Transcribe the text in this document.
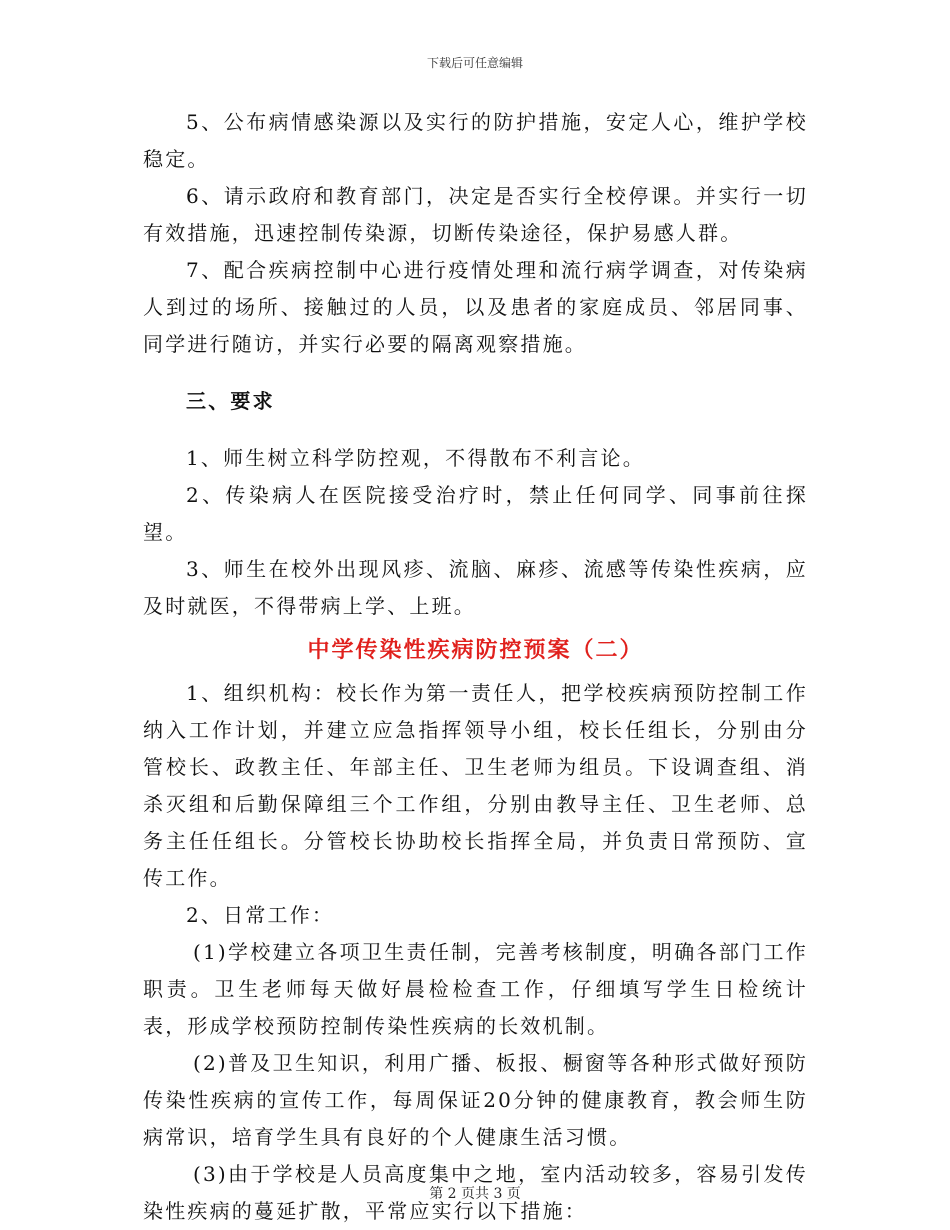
下载后可任意编辑

5、公布病情感染源以及实行的防护措施，安定人心，维护学校稳定。

6、请示政府和教育部门，决定是否实行全校停课。并实行一切有效措施，迅速控制传染源，切断传染途径，保护易感人群。

7、配合疾病控制中心进行疫情处理和流行病学调查，对传染病人到过的场所、接触过的人员，以及患者的家庭成员、邻居同事、同学进行随访，并实行必要的隔离观察措施。

三、要求

1、师生树立科学防控观，不得散布不利言论。

2、传染病人在医院接受治疗时，禁止任何同学、同事前往探望。

3、师生在校外出现风疹、流脑、麻疹、流感等传染性疾病，应及时就医，不得带病上学、上班。

中学传染性疾病防控预案（二）

1、组织机构：校长作为第一责任人，把学校疾病预防控制工作纳入工作计划，并建立应急指挥领导小组，校长任组长，分别由分管校长、政教主任、年部主任、卫生老师为组员。下设调查组、消杀灭组和后勤保障组三个工作组，分别由教导主任、卫生老师、总务主任任组长。分管校长协助校长指挥全局，并负责日常预防、宣传工作。

2、日常工作：

(1)学校建立各项卫生责任制，完善考核制度，明确各部门工作职责。卫生老师每天做好晨检检查工作，仔细填写学生日检统计表，形成学校预防控制传染性疾病的长效机制。

(2)普及卫生知识，利用广播、板报、橱窗等各种形式做好预防传染性疾病的宣传工作，每周保证20分钟的健康教育，教会师生防病常识，培育学生具有良好的个人健康生活习惯。

(3)由于学校是人员高度集中之地，室内活动较多，容易引发传染性疾病的蔓延扩散，平常应实行以下措施：

第 2 页共 3 页
